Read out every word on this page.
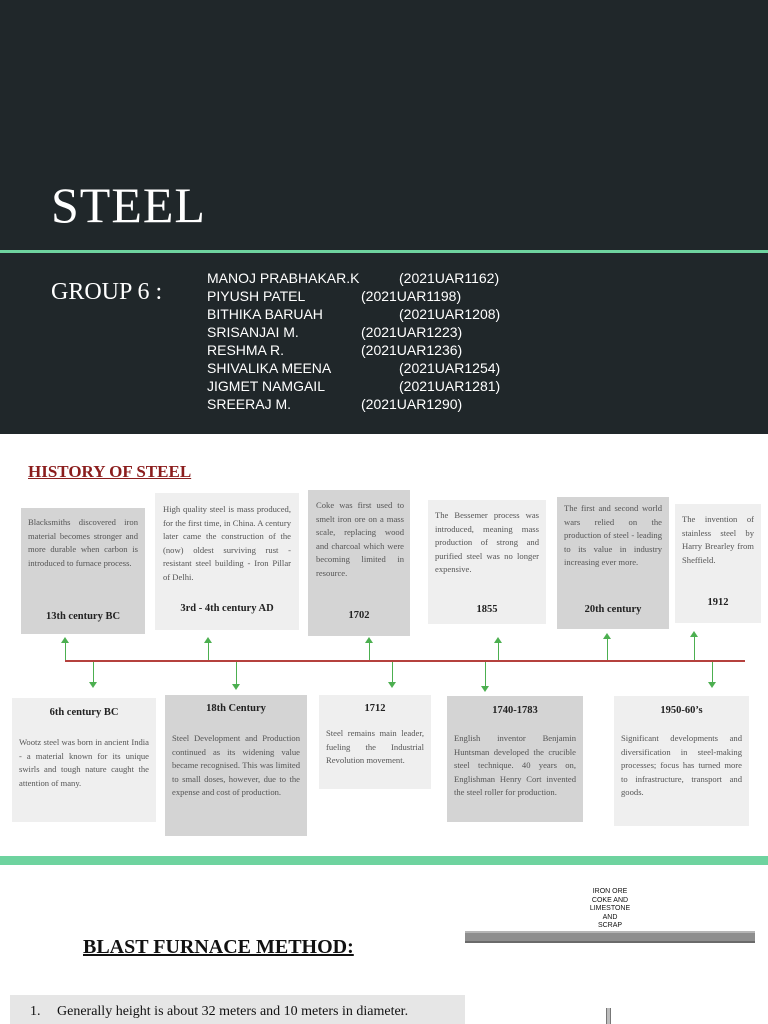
STEEL
GROUP 6 :
MANOJ PRABHAKAR.K	(2021UAR1162)
PIYUSH PATEL	(2021UAR1198)
BITHIKA BARUAH	(2021UAR1208)
SRISANJAI M.	(2021UAR1223)
RESHMA R.	(2021UAR1236)
SHIVALIKA MEENA	(2021UAR1254)
JIGMET NAMGAIL	(2021UAR1281)
SREERAJ M.	(2021UAR1290)
HISTORY OF STEEL
Blacksmiths discovered iron material becomes stronger and more durable when carbon is introduced to furnace process.
13th century BC
High quality steel is mass produced, for the first time, in China. A century later came the construction of the (now) oldest surviving rust - resistant steel building - Iron Pillar of Delhi.
3rd - 4th century AD
Coke was first used to smelt iron ore on a mass scale, replacing wood and charcoal which were becoming limited in resource.
1702
The Bessemer process was introduced, meaning mass production of strong and purified steel was no longer expensive.
1855
The first and second world wars relied on the production of steel - leading to its value in industry increasing ever more.
20th century
The invention of stainless steel by Harry Brearley from Sheffield.
1912
6th century BC
Wootz steel was born in ancient India - a material known for its unique swirls and tough nature caught the attention of many.
18th Century
Steel Development and Production continued as its widening value became recognised. This was limited to small doses, however, due to the expense and cost of production.
1712
Steel remains main leader, fueling the Industrial Revolution movement.
1740-1783
English inventor Benjamin Huntsman developed the crucible steel technique. 40 years on, Englishman Henry Cort invented the steel roller for production.
1950-60’s
Significant developments and diversification in steel-making processes; focus has turned more to infrastructure, transport and goods.
BLAST FURNACE METHOD:
1. Generally height is about 32 meters and 10 meters in diameter.
IRON ORE
COKE AND
LIMESTONE
AND
SCRAP
